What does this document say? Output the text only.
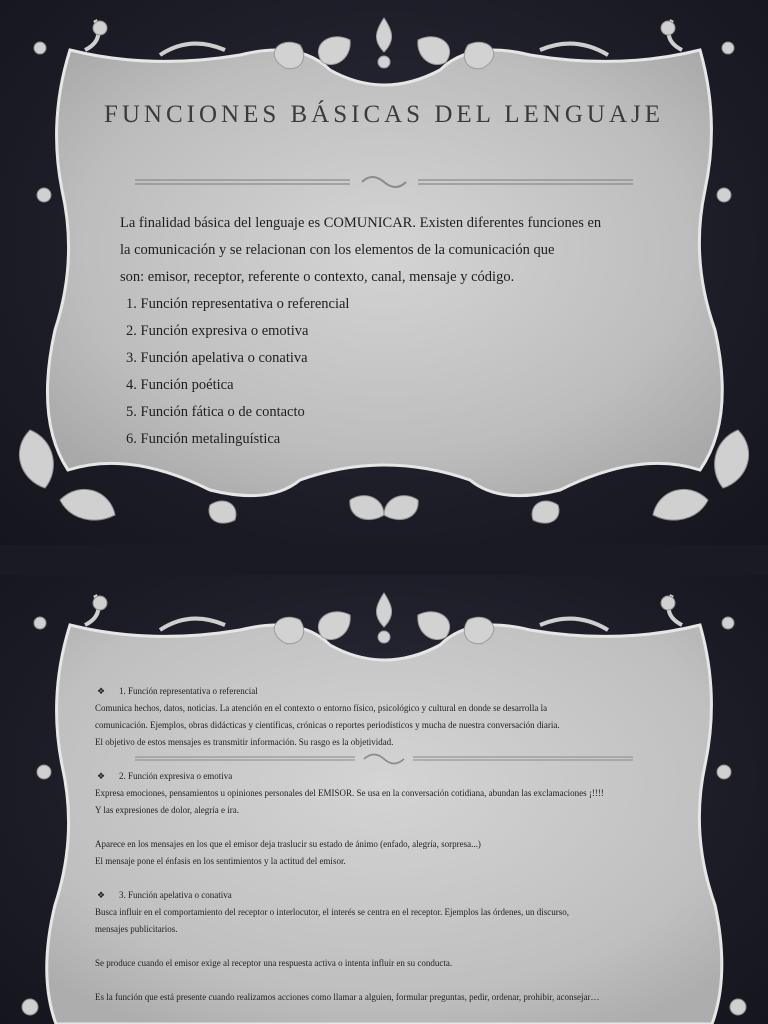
FUNCIONES BÁSICAS DEL LENGUAJE

La finalidad básica del lenguaje es COMUNICAR. Existen diferentes funciones en

la comunicación y se relacionan con los elementos de la comunicación que

son: emisor, receptor, referente o contexto, canal, mensaje y código.

1. Función representativa o referencial
2. Función expresiva o emotiva
3. Función apelativa o conativa
4. Función poética
5. Función fática o de contacto
6. Función metalinguística

❖ 1. Función representativa o referencial

Comunica hechos, datos, noticias. La atención en el contexto o entorno físico, psicológico y cultural en donde se desarrolla la

comunicación. Ejemplos, obras didácticas y científicas, crónicas o reportes periodísticos y mucha de nuestra conversación diaria.

El objetivo de estos mensajes es transmitir información. Su rasgo es la objetividad.

❖ 2. Función expresiva o emotiva

Expresa emociones, pensamientos u opiniones personales del EMISOR. Se usa en la conversación cotidiana, abundan las exclamaciones ¡!!!!

Y las expresiones de dolor, alegría e ira.

Aparece en los mensajes en los que el emisor deja traslucir su estado de ánimo (enfado, alegría, sorpresa...)

El mensaje pone el énfasis en los sentimientos y la actitud del emisor.

❖ 3. Función apelativa o conativa

Busca influir en el comportamiento del receptor o interlocutor, el interés se centra en el receptor. Ejemplos las órdenes, un discurso,

mensajes publicitarios.

Se produce cuando el emisor exige al receptor una respuesta activa o intenta influir en su conducta.

Es la función que está presente cuando realizamos acciones como llamar a alguien, formular preguntas, pedir, ordenar, prohibir, aconsejar…
